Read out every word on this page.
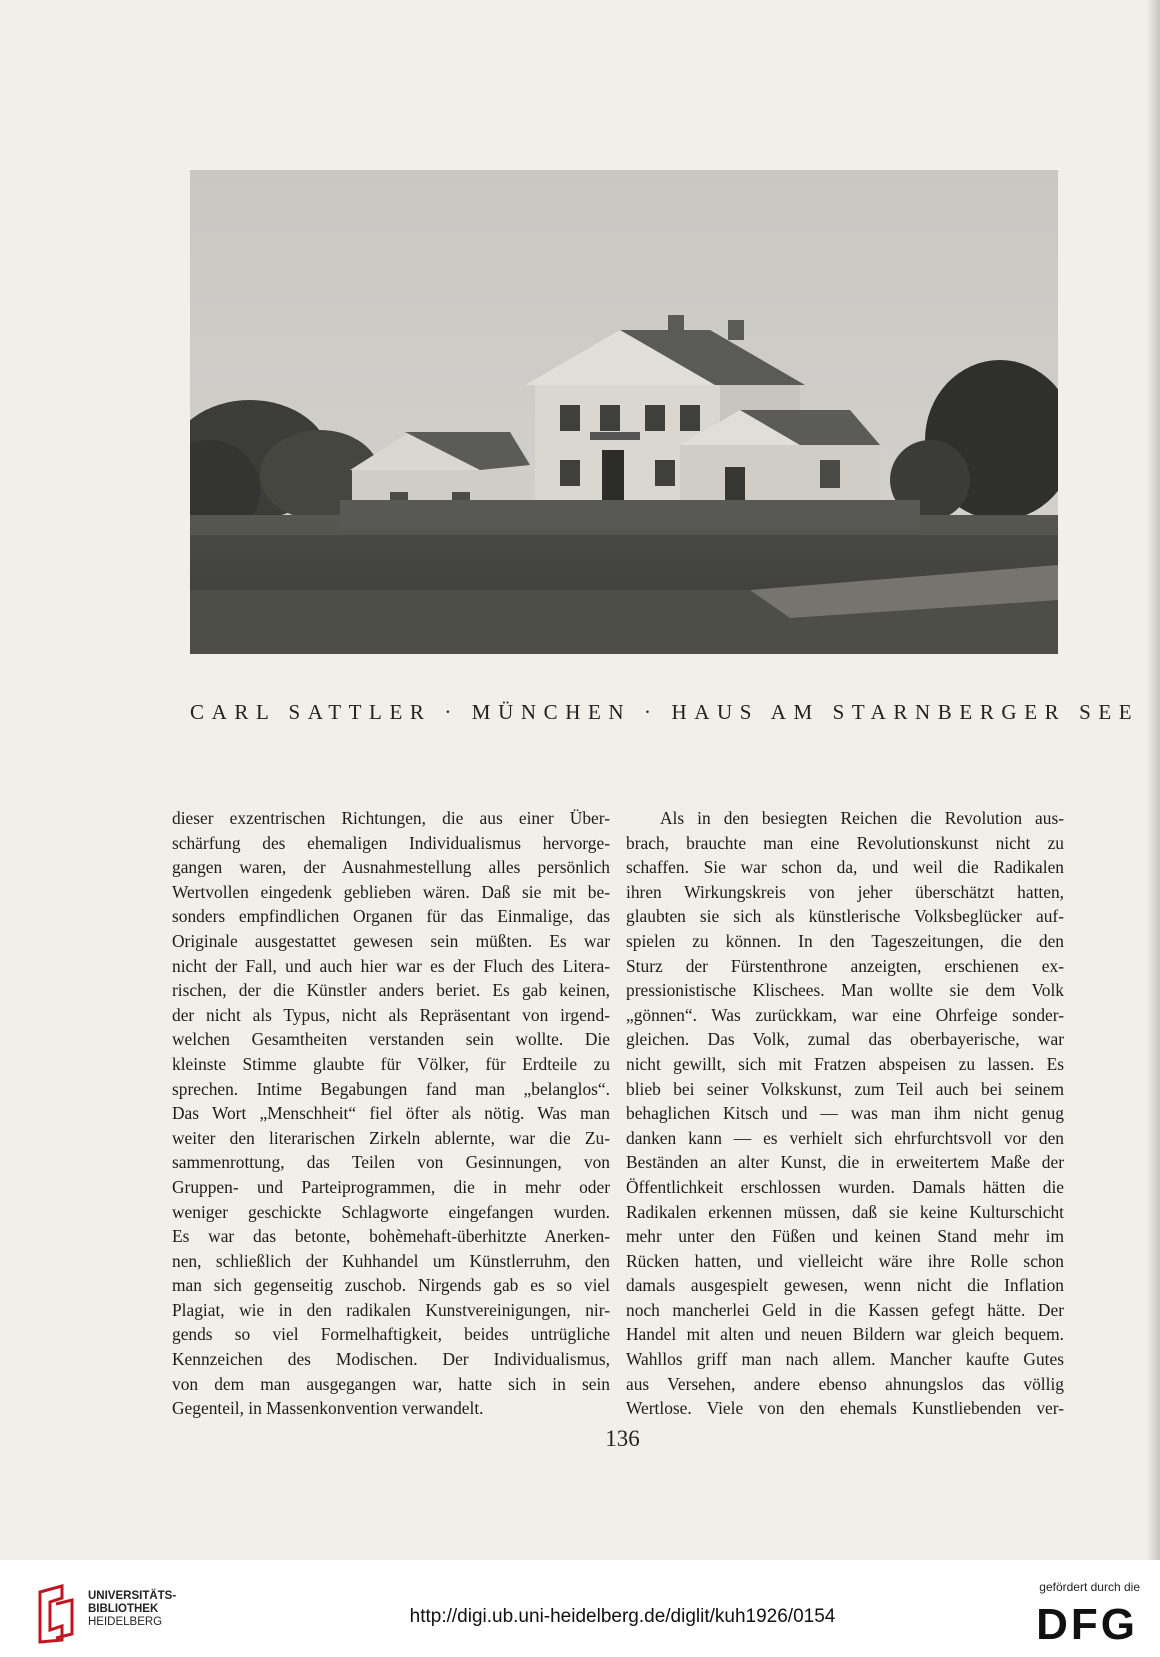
CARL SATTLER · MÜNCHEN · HAUS AM STARNBERGER SEE
dieser exzentrischen Richtungen, die aus einer Über-
schärfung des ehemaligen Individualismus hervorge-
gangen waren, der Ausnahmestellung alles persönlich
Wertvollen eingedenk geblieben wären. Daß sie mit be-
sonders empfindlichen Organen für das Einmalige, das
Originale ausgestattet gewesen sein müßten. Es war
nicht der Fall, und auch hier war es der Fluch des Litera-
rischen, der die Künstler anders beriet. Es gab keinen,
der nicht als Typus, nicht als Repräsentant von irgend-
welchen Gesamtheiten verstanden sein wollte. Die
kleinste Stimme glaubte für Völker, für Erdteile zu
sprechen. Intime Begabungen fand man „belanglos“.
Das Wort „Menschheit“ fiel öfter als nötig. Was man
weiter den literarischen Zirkeln ablernte, war die Zu-
sammenrottung, das Teilen von Gesinnungen, von
Gruppen- und Parteiprogrammen, die in mehr oder
weniger geschickte Schlagworte eingefangen wurden.
Es war das betonte, bohèmehaft-überhitzte Anerken-
nen, schließlich der Kuhhandel um Künstlerruhm, den
man sich gegenseitig zuschob. Nirgends gab es so viel
Plagiat, wie in den radikalen Kunstvereinigungen, nir-
gends so viel Formelhaftigkeit, beides untrügliche
Kennzeichen des Modischen. Der Individualismus,
von dem man ausgegangen war, hatte sich in sein
Gegenteil, in Massenkonvention verwandelt.
Als in den besiegten Reichen die Revolution aus-
brach, brauchte man eine Revolutionskunst nicht zu
schaffen. Sie war schon da, und weil die Radikalen
ihren Wirkungskreis von jeher überschätzt hatten,
glaubten sie sich als künstlerische Volksbeglücker auf-
spielen zu können. In den Tageszeitungen, die den
Sturz der Fürstenthrone anzeigten, erschienen ex-
pressionistische Klischees. Man wollte sie dem Volk
„gönnen“. Was zurückkam, war eine Ohrfeige sonder-
gleichen. Das Volk, zumal das oberbayerische, war
nicht gewillt, sich mit Fratzen abspeisen zu lassen. Es
blieb bei seiner Volkskunst, zum Teil auch bei seinem
behaglichen Kitsch und — was man ihm nicht genug
danken kann — es verhielt sich ehrfurchtsvoll vor den
Beständen an alter Kunst, die in erweitertem Maße der
Öffentlichkeit erschlossen wurden. Damals hätten die
Radikalen erkennen müssen, daß sie keine Kulturschicht
mehr unter den Füßen und keinen Stand mehr im
Rücken hatten, und vielleicht wäre ihre Rolle schon
damals ausgespielt gewesen, wenn nicht die Inflation
noch mancherlei Geld in die Kassen gefegt hätte. Der
Handel mit alten und neuen Bildern war gleich bequem.
Wahllos griff man nach allem. Mancher kaufte Gutes
aus Versehen, andere ebenso ahnungslos das völlig
Wertlose. Viele von den ehemals Kunstliebenden ver-
136
UNIVERSITÄTS-
BIBLIOTHEK
HEIDELBERG	http://digi.ub.uni-heidelberg.de/diglit/kuh1926/0154
gefördert durch die
DFG
